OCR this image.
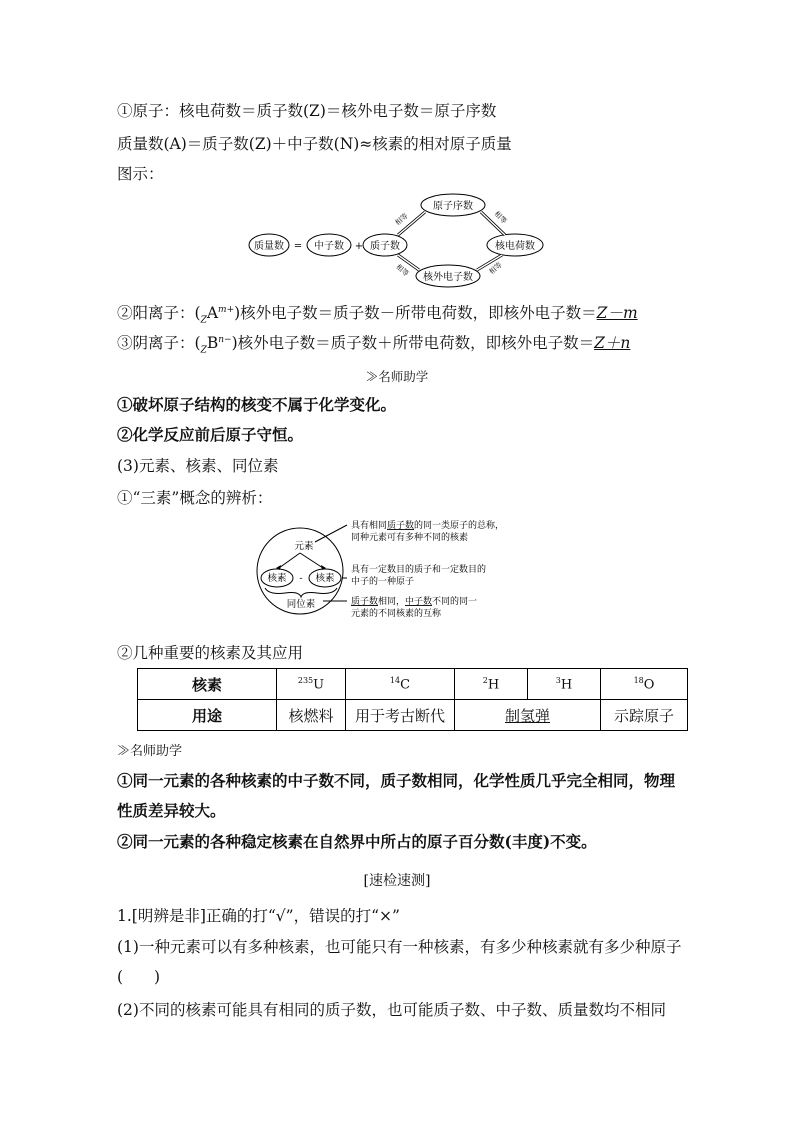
①原子：核电荷数＝质子数(Z)＝核外电子数＝原子序数
质量数(A)＝质子数(Z)＋中子数(N)≈核素的相对原子质量
图示：
质量数 = 中子数 + 质子数
原子序数
核电荷数
核外电子数
相等	相等
相等	相等
②阳离子：$(_ZA^{m+})$核外电子数＝质子数－所带电荷数，即核外电子数＝Z－m
③阴离子：$(_ZB^{n-})$核外电子数＝质子数＋所带电荷数，即核外电子数＝Z＋n
≫名师助学
①破坏原子结构的核变不属于化学变化。
②化学反应前后原子守恒。
(3)元素、核素、同位素
①“三素”概念的辨析：
元素
核素 - 核素
同位素
具有相同质子数的同一类原子的总称，
同种元素可有多种不同的核素
具有一定数目的质子和一定数目的
中子的一种原子
质子数相同，中子数不同的同一
元素的不同核素的互称
②几种重要的核素及其应用
核素	$^{235}$U	$^{14}$C	$^2$H	$^3$H	$^{18}$O
用途	核燃料	用于考古断代	制氢弹		示踪原子
≫名师助学
①同一元素的各种核素的中子数不同，质子数相同，化学性质几乎完全相同，物理性质差异较大。
②同一元素的各种稳定核素在自然界中所占的原子百分数(丰度)不变。
[速检速测]
1.[明辨是非]正确的打“√”，错误的打“×”
(1)一种元素可以有多种核素，也可能只有一种核素，有多少种核素就有多少种原子(　　)
(2)不同的核素可能具有相同的质子数，也可能质子数、中子数、质量数均不相同
